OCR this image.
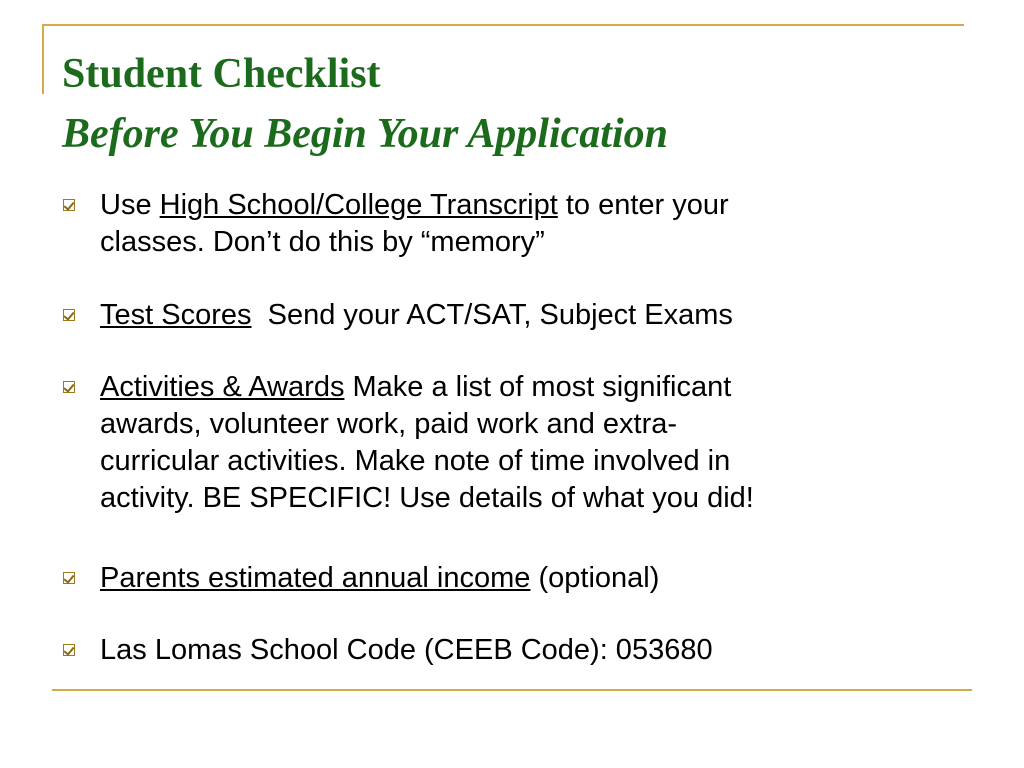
Student Checklist
Before You Begin Your Application
Use High School/College Transcript to enter your
classes. Don’t do this by “memory”
Test Scores  Send your ACT/SAT, Subject Exams
Activities & Awards Make a list of most significant
awards, volunteer work, paid work and extra-
curricular activities. Make note of time involved in
activity. BE SPECIFIC! Use details of what you did!
Parents estimated annual income (optional)
Las Lomas School Code (CEEB Code): 053680
